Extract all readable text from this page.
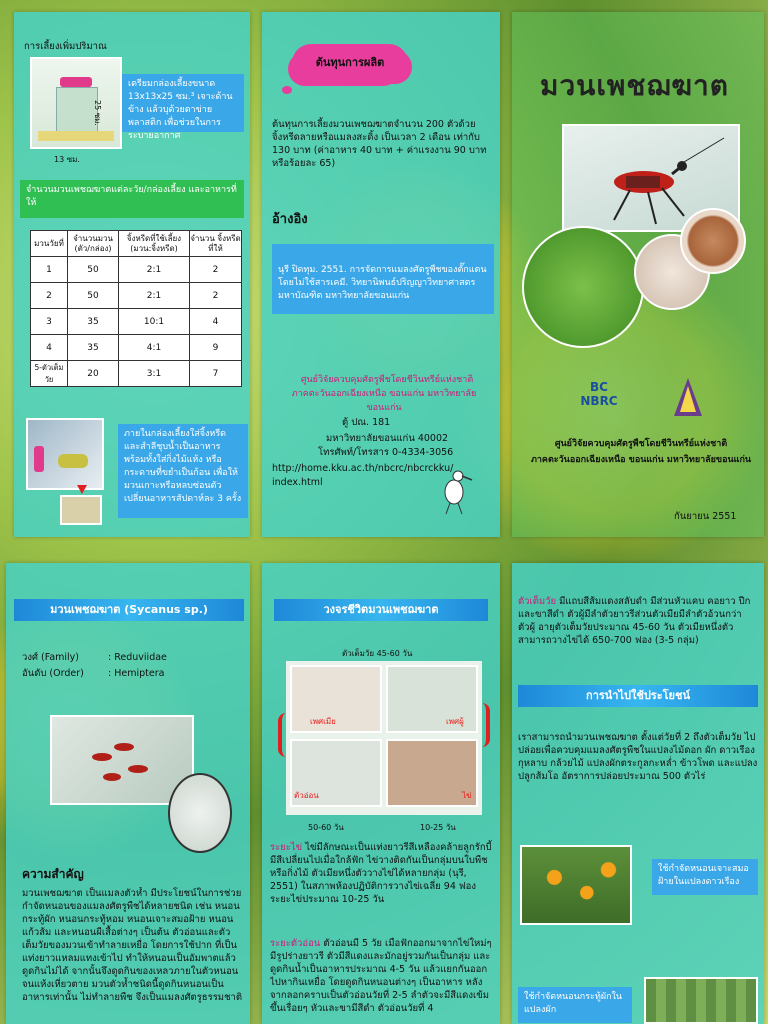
การเลี้ยงเพิ่มปริมาณ
25 ซม.
13 ซม.
เตรียมกล่องเลี้ยงขนาด 13x13x25 ซม.³ เจาะด้านข้าง แล้วบุด้วยตาข่ายพลาสติก เพื่อช่วยในการระบายอากาศ
จำนวนมวนเพชฌฆาตแต่ละวัย/กล่องเลี้ยง และอาหารที่ให้
มวนวัยที่	จำนวนมวน (ตัว/กล่อง)	จิ้งหรีดที่ใช้เลี้ยง (มวน:จิ้งหรีด)	จำนวน จิ้งหรีดที่ให้
1	50	2:1	2
2	50	2:1	2
3	35	10:1	4
4	35	4:1	9
5-ตัวเต็มวัย	20	3:1	7
ภายในกล่องเลี้ยงใส่จิ้งหรีด และสำลีชุบน้ำเป็นอาหาร พร้อมทั้งใส่กิ่งไม้แห้ง หรือกระดาษที่ขยำเป็นก้อน เพื่อให้มวนเกาะหรือหลบซ่อนตัว เปลี่ยนอาหารสัปดาห์ละ 3 ครั้ง
ต้นทุนการผลิต
ต้นทุนการเลี้ยงมวนเพชฌฆาตจำนวน 200 ตัวด้วยจิ้งหรีดลายหรือแมลงสะดิ้ง เป็นเวลา 2 เดือน เท่ากับ 130 บาท (ค่าอาหาร 40 บาท + ค่าแรงงาน 90 บาท หรือร้อยละ 65)
อ้างอิง
นุรี ปิดทุม. 2551. การจัดการแมลงศัตรูพืชของตั๊กแตนโดยไม่ใช้สารเคมี. วิทยานิพนธ์ปริญญาวิทยาศาสตรมหาบัณฑิต มหาวิทยาลัยขอนแก่น
ศูนย์วิจัยควบคุมศัตรูพืชโดยชีวินทรีย์แห่งชาติ
ภาคตะวันออกเฉียงเหนือ ขอนแก่น มหาวิทยาลัยขอนแก่น
ตู้ ปณ. 181
มหาวิทยาลัยขอนแก่น 40002
โทรศัพท์/โทรสาร 0-4334-3056
http://home.kku.ac.th/nbcrc/nbcrckku/
index.html
มวนเพชฌฆาต
BC NBRC
ศูนย์วิจัยควบคุมศัตรูพืชโดยชีวินทรีย์แห่งชาติ
ภาคตะวันออกเฉียงเหนือ ขอนแก่น มหาวิทยาลัยขอนแก่น
กันยายน 2551
มวนเพชฌฆาต (Sycanus sp.)
วงศ์ (Family)	: Reduviidae
อันดับ (Order)	: Hemiptera
ความสำคัญ
มวนเพชฌฆาต เป็นแมลงตัวห้ำ มีประโยชน์ในการช่วยกำจัดหนอนของแมลงศัตรูพืชได้หลายชนิด เช่น หนอนกระทู้ผัก หนอนกระทู้หอม หนอนเจาะสมอฝ้าย หนอนแก้วส้ม และหนอนผีเสื้อต่างๆ เป็นต้น ตัวอ่อนและตัวเต็มวัยของมวนเข้าทำลายเหยื่อ โดยการใช้ปาก ที่เป็นแท่งยาวแหลมแทงเข้าไป ทำให้หนอนเป็นอัมพาตแล้วดูดกินไม่ได้ จากนั้นจึงดูดกินของเหลวภายในตัวหนอนจนแห้งเหี่ยวตาย มวนตัวห้ำชนิดนี้ดูดกินหนอนเป็นอาหารเท่านั้น ไม่ทำลายพืช จึงเป็นแมลงศัตรูธรรมชาติ
วงจรชีวิตมวนเพชฌฆาต
ตัวเต็มวัย 45-60 วัน
เพศเมีย	เพศผู้
ตัวอ่อน	ไข่
50-60 วัน	10-25 วัน
ระยะไข่ ไข่มีลักษณะเป็นแท่งยาวรีสีเหลืองคล้ายลูกรักบี้ มีสีเปลี่ยนไปเมื่อใกล้ฟัก ไข่วางติดกันเป็นกลุ่มบนใบพืชหรือกิ่งไม้ ตัวเมียหนึ่งตัววางไข่ได้หลายกลุ่ม (นุรี, 2551) ในสภาพห้องปฏิบัติการวางไข่เฉลี่ย 94 ฟอง ระยะไข่ประมาณ 10-25 วัน
ระยะตัวอ่อน ตัวอ่อนมี 5 วัย เมื่อฟักออกมาจากไข่ใหม่ๆ มีรูปร่างยาวรี ตัวมีสีแดงและมักอยู่รวมกันเป็นกลุ่ม และดูดกินน้ำเป็นอาหารประมาณ 4-5 วัน แล้วแยกกันออกไปหากินเหยื่อ โดยดูดกินหนอนต่างๆ เป็นอาหาร หลังจากลอกคราบเป็นตัวอ่อนวัยที่ 2-5 ลำตัวจะมีสีแดงเข้มขึ้นเรื่อยๆ หัวและขามีสีดำ ตัวอ่อนวัยที่ 4
ตัวเต็มวัย มีแถบสีส้มแดงสลับดำ มีส่วนหัวแคบ คอยาว ปีกและขาสีดำ ตัวผู้มีลำตัวยาวรีส่วนตัวเมียมีลำตัวอ้วนกว่าตัวผู้ อายุตัวเต็มวัยประมาณ 45-60 วัน ตัวเมียหนึ่งตัวสามารถวางไข่ได้ 650-700 ฟอง (3-5 กลุ่ม)
การนำไปใช้ประโยชน์
เราสามารถนำมวนเพชฌฆาต ตั้งแต่วัยที่ 2 ถึงตัวเต็มวัย ไปปล่อยเพื่อควบคุมแมลงศัตรูพืชในแปลงไม้ดอก ผัก ดาวเรือง กุหลาบ กล้วยไม้ แปลงผักตระกูลกะหล่ำ ข้าวโพด และแปลงปลูกส้มโอ อัตราการปล่อยประมาณ 500 ตัวไร่
ใช้กำจัดหนอนเจาะสมอฝ้ายในแปลงดาวเรือง
ใช้กำจัดหนอนกระทู้ผักในแปลงผัก
